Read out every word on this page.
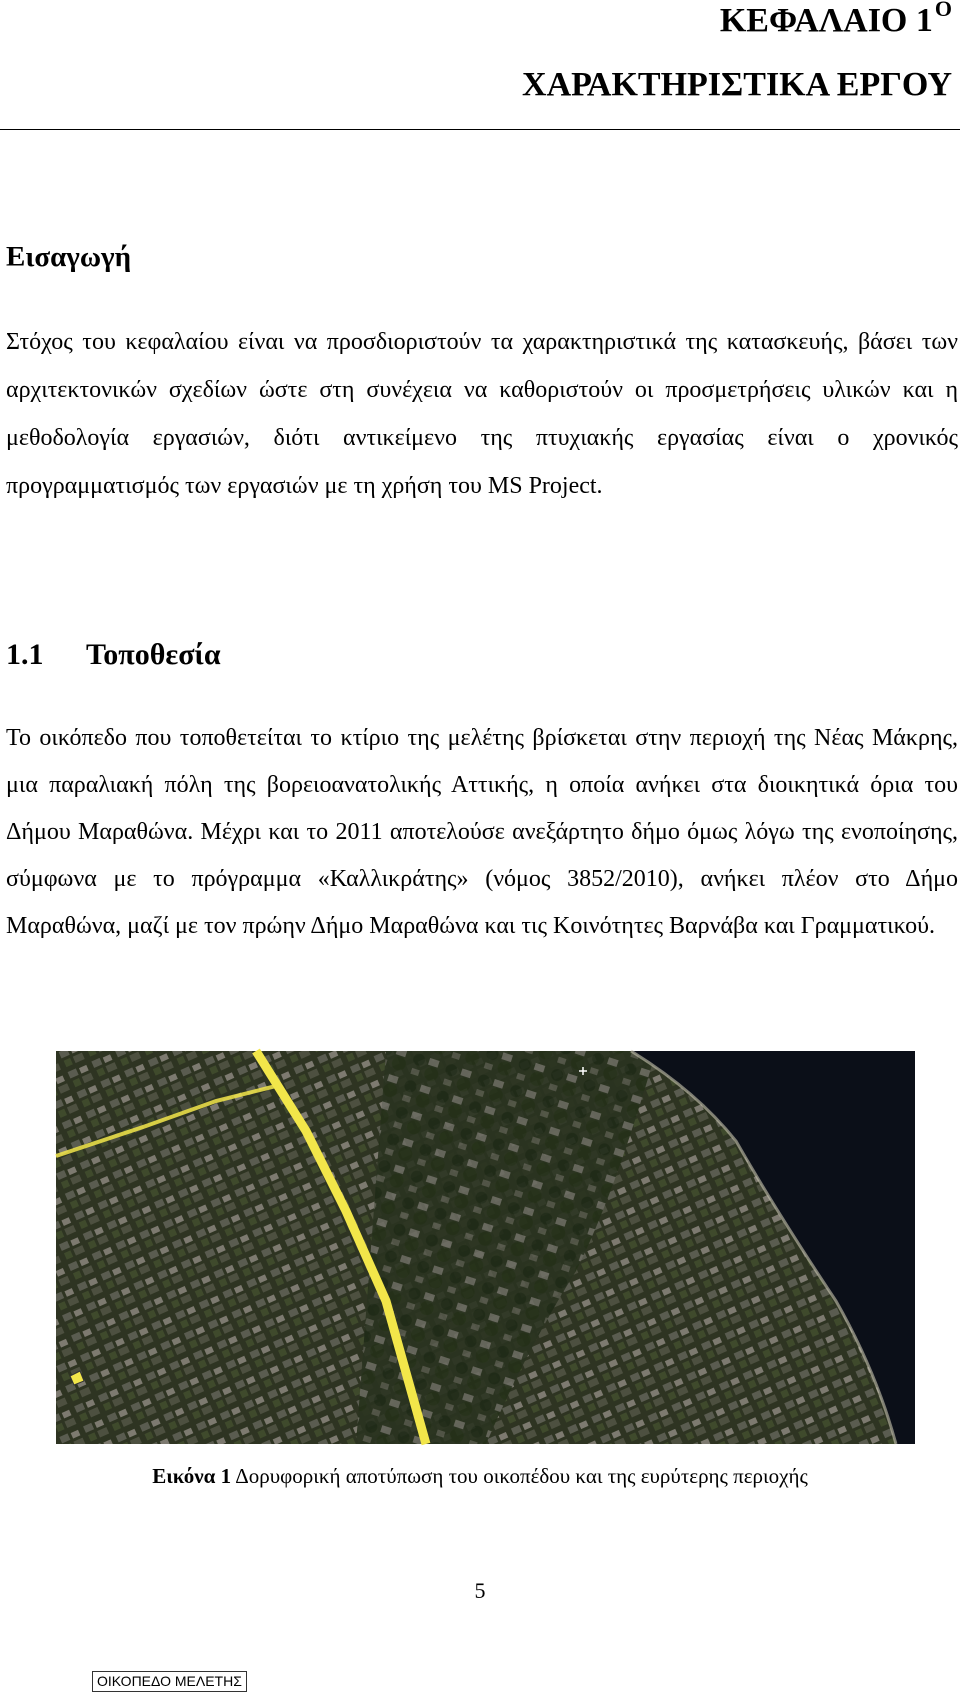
ΚΕΦΑΛΑΙΟ $1^O$
ΧΑΡΑΚΤΗΡΙΣΤΙΚΑ ΕΡΓΟΥ
Εισαγωγή

Στόχος του κεφαλαίου είναι να προσδιοριστούν τα χαρακτηριστικά της κατασκευής, βάσει των αρχιτεκτονικών σχεδίων ώστε στη συνέχεια να καθοριστούν οι προσμετρήσεις υλικών και η μεθοδολογία εργασιών, διότι αντικείμενο της πτυχιακής εργασίας είναι ο χρονικός προγραμματισμός των εργασιών με τη χρήση του MS Project.

1.1 Τοποθεσία

Το οικόπεδο που τοποθετείται το κτίριο της μελέτης βρίσκεται στην περιοχή της Νέας Μάκρης, μια παραλιακή πόλη της βορειοανατολικής Αττικής, η οποία ανήκει στα διοικητικά όρια του Δήμου Μαραθώνα. Μέχρι και το 2011 αποτελούσε ανεξάρτητο δήμο όμως λόγω της ενοποίησης, σύμφωνα με το πρόγραμμα «Καλλικράτης» (νόμος 3852/2010), ανήκει πλέον στο Δήμο Μαραθώνα, μαζί με τον πρώην Δήμο Μαραθώνα και τις Κοινότητες Βαρνάβα και Γραμματικού.

ΟΙΚΟΠΕΔΟ ΜΕΛΕΤΗΣ
Εικόνα 1 Δορυφορική αποτύπωση του οικοπέδου και της ευρύτερης περιοχής
5
